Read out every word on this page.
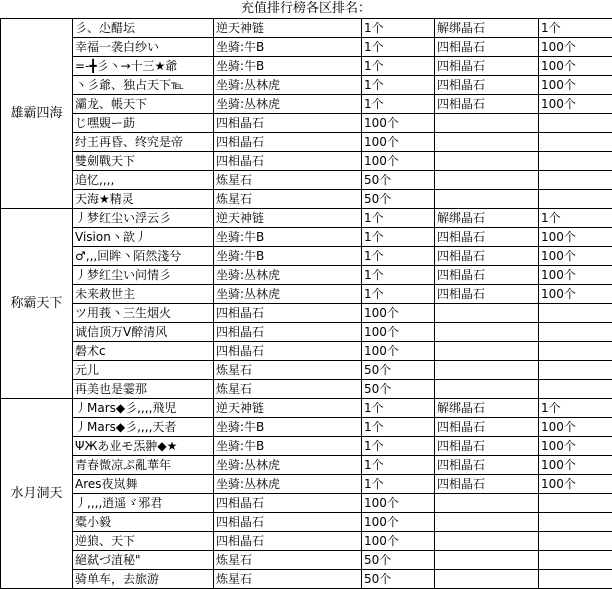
充值排行榜各区排名：
雄霸四海	彡、尐醋坛	逆天神链	1个	解绑晶石	1个
	幸福一袭白纱い	坐骑:牛B	1个	四相晶石	100个
	=-╋彡丶→十三★爺	坐骑:牛B	1个	四相晶石	100个
	丶彡爺、独占天下℡	坐骑:丛林虎	1个	四相晶石	100个
	灞龙、帳天下	坐骑:丛林虎	1个	四相晶石	100个
	じ嘿覞ー莇	四相晶石	100个		
	纣王再昏、终究是帝	四相晶石	100个		
	雙劍戰天下	四相晶石	100个		
	追忆,,,,	炼星石	50个		
	天海★精灵	炼星石	50个		
称霸天下	丿梦红尘い浮云彡	逆天神链	1个	解绑晶石	1个
	Vision丶歆丿	坐骑:牛B	1个	四相晶石	100个
	♂,,,回眸丶陌然淺兮	坐骑:牛B	1个	四相晶石	100个
	丿梦红尘い问情彡	坐骑:丛林虎	1个	四相晶石	100个
	未来救世主	坐骑:丛林虎	1个	四相晶石	100个
	ツ用莪丶三生烟火	四相晶石	100个		
	诚信顶万V醉清风	四相晶石	100个		
	磐术c	四相晶石	100个		
	元儿	炼星石	50个		
	再美也是霎那	炼星石	50个		
水月洞天	丿Mars◆彡,,,,飛児	逆天神链	1个	解绑晶石	1个
	丿Mars◆彡,,,,天者	坐骑:牛B	1个	四相晶石	100个
	ΨЖあ业モ炁翀◆★	坐骑:牛B	1个	四相晶石	100个
	青春微凉ぷ亂華年	坐骑:丛林虎	1个	四相晶石	100个
	Ares夜岚舞	坐骑:丛林虎	1个	四相晶石	100个
	丿,,,,逍遥ゞ邪君	四相晶石	100个		
	橐小毅	四相晶石	100个		
	逆狼、天下	四相晶石	100个		
	絕弑づ淔秘"	炼星石	50个		
	骑单车，去旅游	炼星石	50个		
